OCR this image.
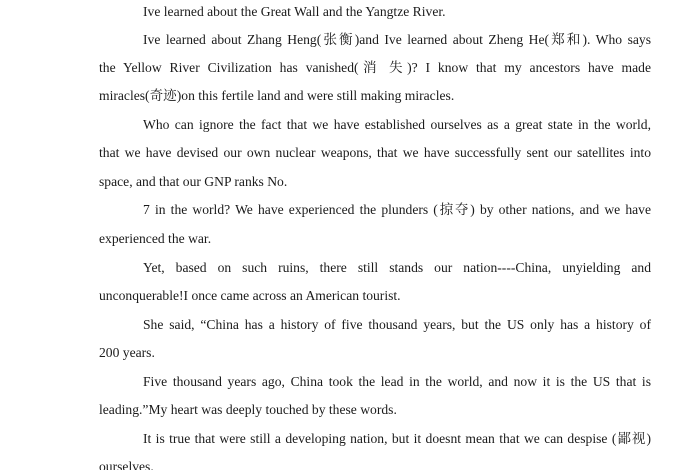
Ive learned about the Great Wall and the Yangtze River.
Ive learned about Zhang Heng(张衡)and Ive learned about Zheng He(郑和). Who says
the Yellow River Civilization has vanished(消 失)? I know that my ancestors have made
miracles(奇迹)on this fertile land and were still making miracles.
Who can ignore the fact that we have established ourselves as a great state in the world,
that we have devised our own nuclear weapons, that we have successfully sent our satellites into
space, and that our GNP ranks No.
7 in the world? We have experienced the plunders (掠夺) by other nations, and we have
experienced the war.
Yet, based on such ruins, there still stands our nation----China, unyielding and
unconquerable!I once came across an American tourist.
She said, “China has a history of five thousand years, but the US only has a history of
200 years.
Five thousand years ago, China took the lead in the world, and now it is the US that is
leading.”My heart was deeply touched by these words.
It is true that were still a developing nation, but it doesnt mean that we can despise (鄙视)
ourselves.
